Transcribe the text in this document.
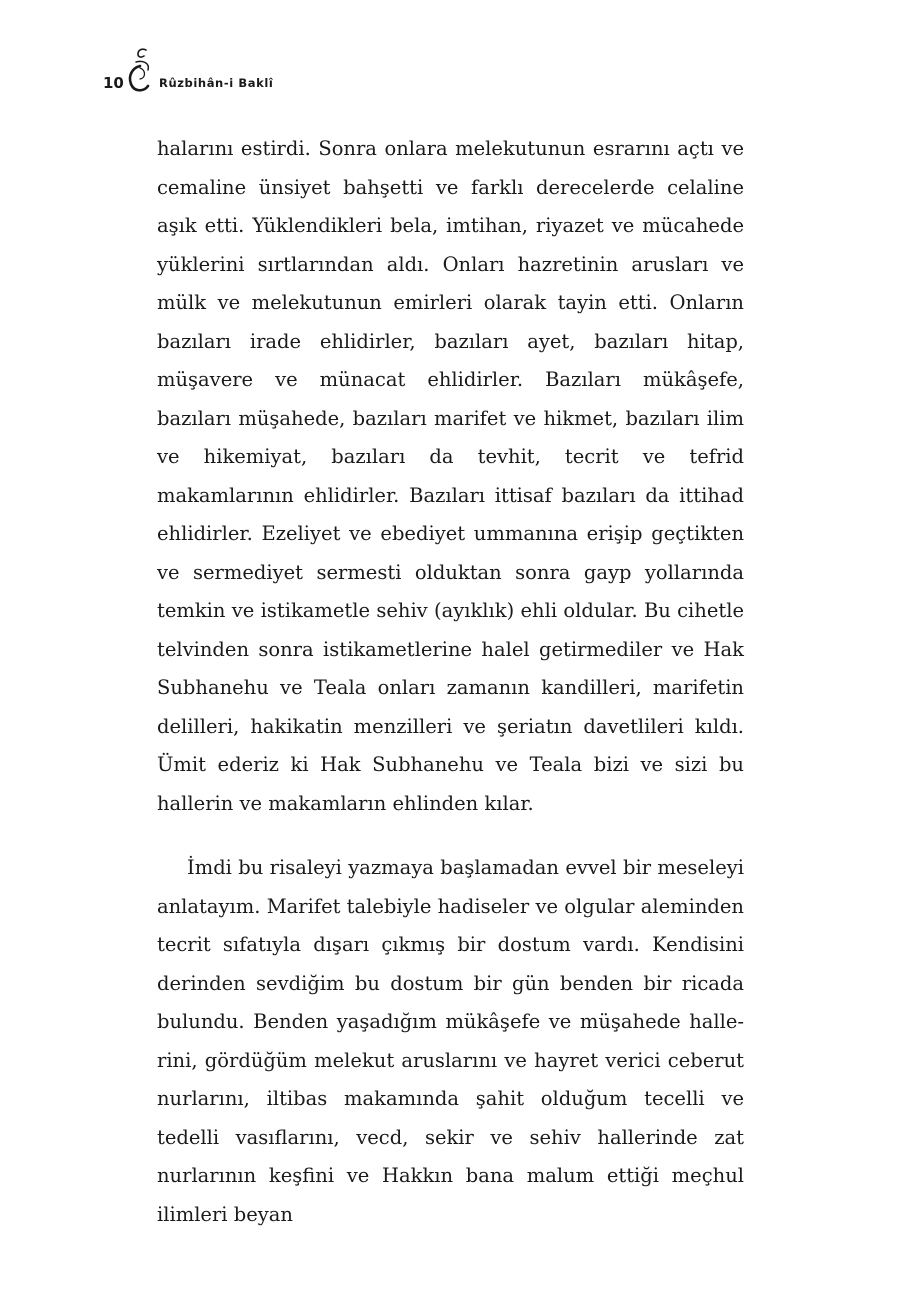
10	Rûzbihân-i Baklî

halarını estirdi. Sonra onlara melekutunun esrarını açtı ve cemaline ünsiyet bahşetti ve farklı derecelerde celaline aşık etti. Yüklendikleri bela, imtihan, riyazet ve mücahede yüklerini sırtlarından aldı. Onları hazretinin arusları ve mülk ve melekutunun emirleri olarak tayin etti. Onların bazıları irade ehlidirler, bazıları ayet, bazıları hitap, müşavere ve münacat ehlidirler. Bazıları mükâşefe, bazıları müşahede, bazıları marifet ve hikmet, bazıları ilim ve hikemiyat, bazıları da tevhit, tecrit ve tefrid makamlarının ehlidirler. Bazıları ittisaf bazıları da ittihad ehlidirler. Ezeliyet ve ebediyet ummanına erişip geçtikten ve sermediyet sermesti olduktan sonra gayp yollarında temkin ve istikametle sehiv (ayıklık) ehli oldular. Bu cihetle telvinden sonra istikametlerine halel getirmediler ve Hak Subhanehu ve Teala onları zamanın kandilleri, marifetin delilleri, hakikatin menzilleri ve şeriatın davetlileri kıldı. Ümit ederiz ki Hak Subhanehu ve Teala bizi ve sizi bu hallerin ve makamların ehlinden kılar.

İmdi bu risaleyi yazmaya başlamadan evvel bir meseleyi anlatayım. Marifet talebiyle hadiseler ve olgular aleminden tecrit sıfatıyla dışarı çıkmış bir dostum vardı. Kendisini derinden sevdiğim bu dostum bir gün benden bir ricada bulundu. Benden yaşadığım mükâşefe ve müşahede hallerini, gördüğüm melekut aruslarını ve hayret verici ceberut nurlarını, iltibas makamında şahit olduğum tecelli ve tedelli vasıflarını, vecd, sekir ve sehiv hallerinde zat nurlarının keşfini ve Hakkın bana malum ettiği meçhul ilimleri beyan
